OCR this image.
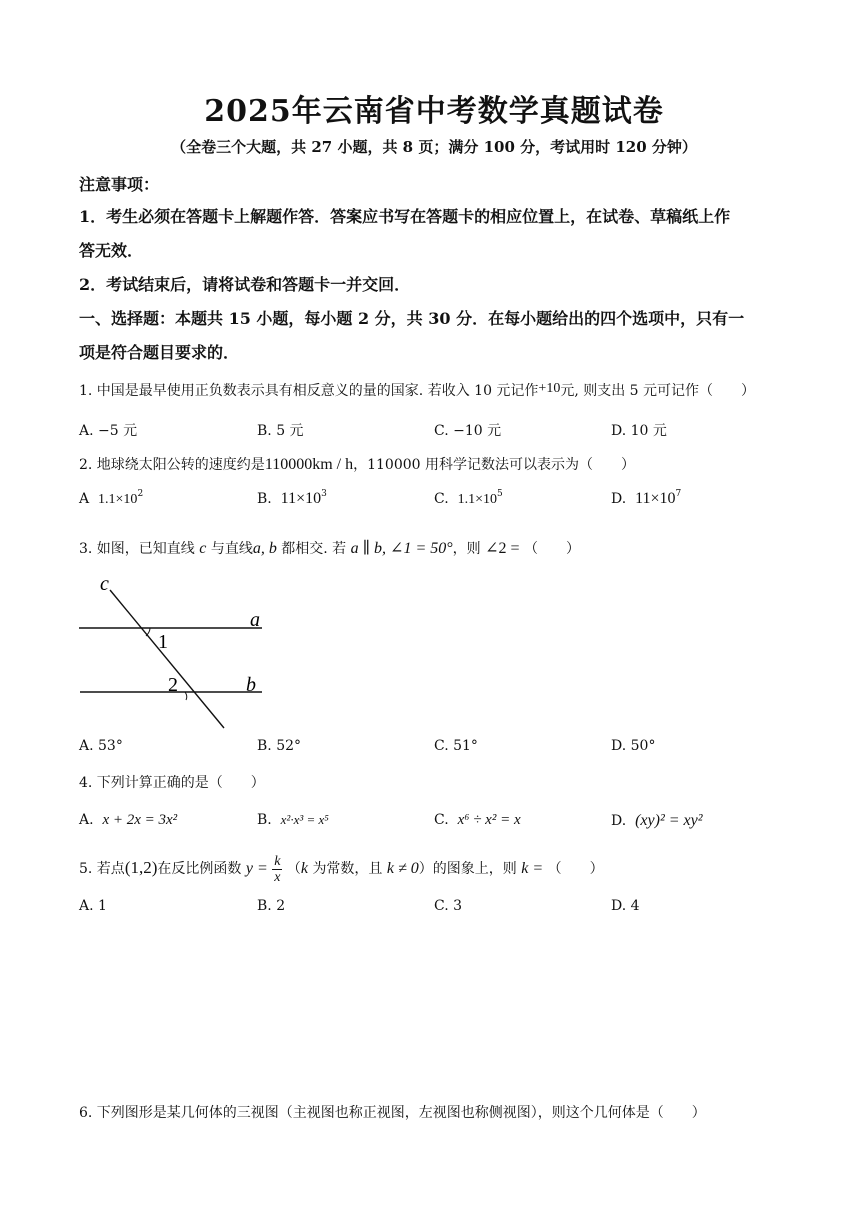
2025年云南省中考数学真题试卷
（全卷三个大题，共 27 小题，共 8 页；满分 100 分，考试用时 120 分钟）
注意事项：
1．考生必须在答题卡上解题作答．答案应书写在答题卡的相应位置上，在试卷、草稿纸上作
答无效．
2．考试结束后，请将试卷和答题卡一并交回．
一、选择题：本题共 15 小题，每小题 2 分，共 30 分．在每小题给出的四个选项中，只有一
项是符合题目要求的．
1. 中国是最早使用正负数表示具有相反意义的量的国家. 若收入 10 元记作+10元, 则支出 5 元可记作（　　）
A. −5 元	B. 5 元	C. −10 元	D. 10 元
2. 地球绕太阳公转的速度约是110000km / h，110000 用科学记数法可以表示为（　　）
A $1.1\times 10^2$	B. $11\times 10^3$	C. $1.1\times 10^5$	D. $11\times 10^7$
3. 如图，已知直线 c 与直线a, b 都相交. 若 a ∥ b, ∠1 = 50°，则 ∠2 = （　　）
c
a
b
1
2
A. 53°	B. 52°	C. 51°	D. 50°
4. 下列计算正确的是（　　）
A. x + 2x = 3x²	B. x²·x³ = x⁵	C. x⁶ ÷ x² = x	D. (xy)² = xy²
5. 若点(1,2)在反比例函数 $y = \frac{k}{x} (k$ 为常数，且 k ≠ 0）的图象上，则 k = （　　）
A. 1	B. 2	C. 3	D. 4
6. 下列图形是某几何体的三视图（主视图也称正视图，左视图也称侧视图），则这个几何体是（　　）
